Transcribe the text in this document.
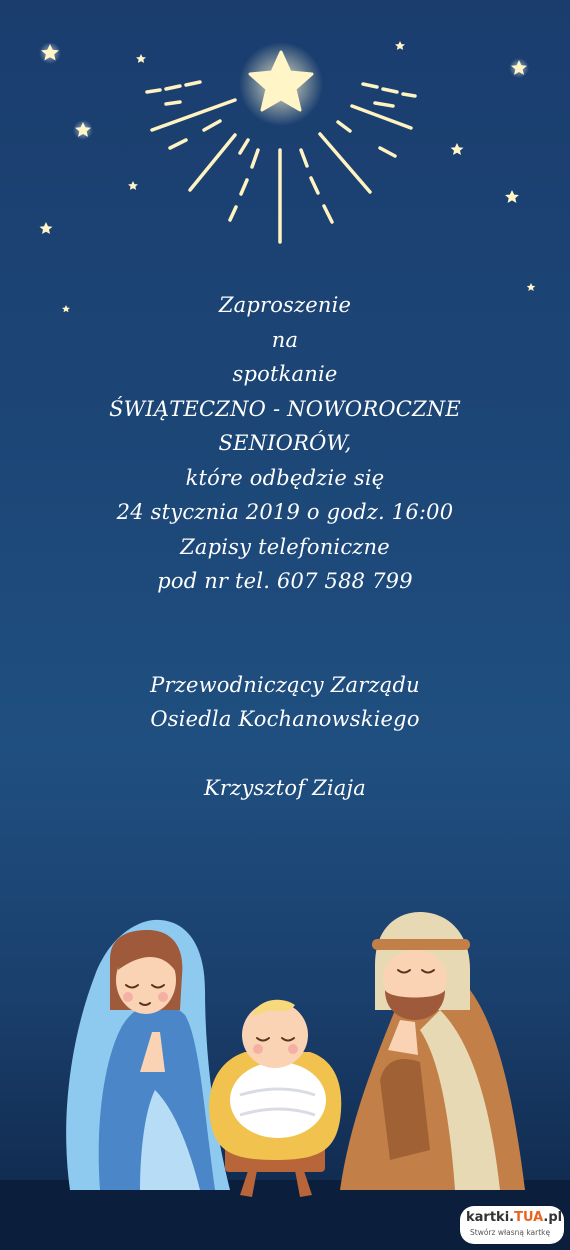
Zaproszenie
na
spotkanie
ŚWIĄTECZNO - NOWOROCZNE
SENIORÓW,
które odbędzie się
24 stycznia 2019 o godz. 16:00
Zapisy telefoniczne
pod nr tel. 607 588 799
Przewodniczący Zarządu
Osiedla Kochanowskiego
Krzysztof Ziaja
kartki.TUA.pl
Stwórz własną kartkę
